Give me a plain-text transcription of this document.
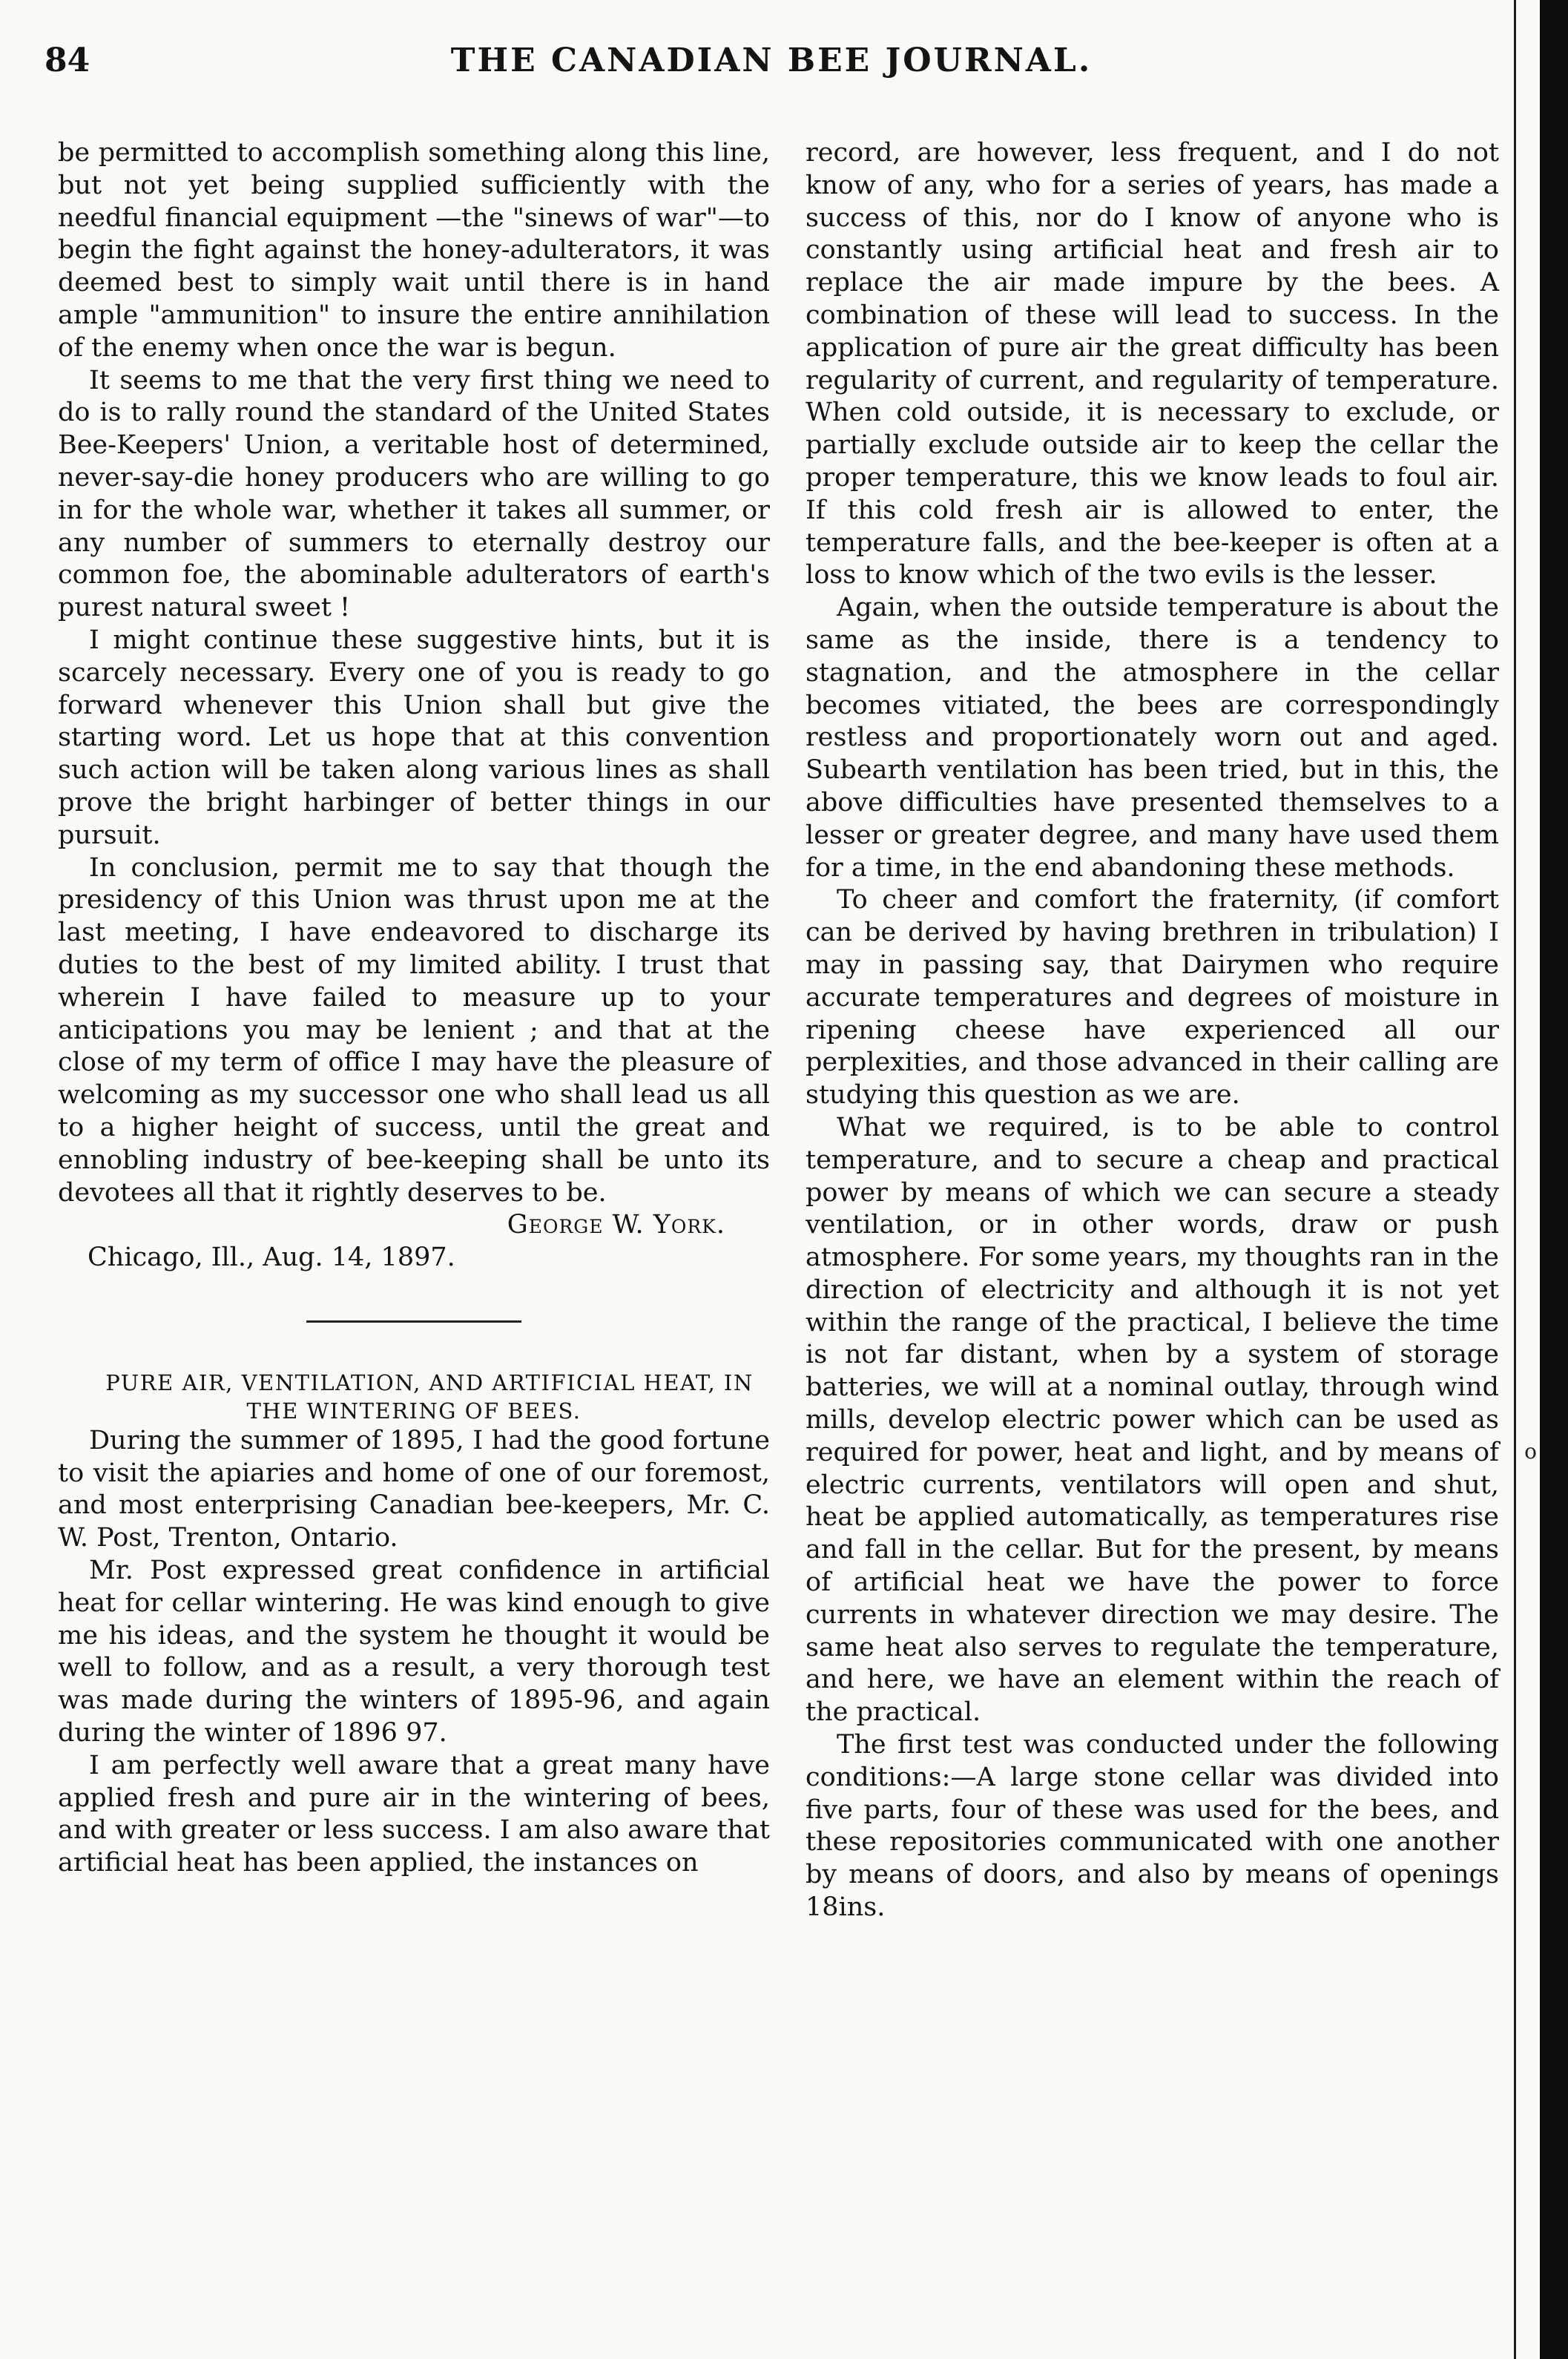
84	THE CANADIAN BEE JOURNAL.

be permitted to accomplish something along this line, but not yet being supplied sufficiently with the needful financial equipment —the "sinews of war"—to begin the fight against the honey-adulterators, it was deemed best to simply wait until there is in hand ample "ammunition" to insure the entire annihilation of the enemy when once the war is begun.

It seems to me that the very first thing we need to do is to rally round the standard of the United States Bee-Keepers' Union, a veritable host of determined, never-say-die honey producers who are willing to go in for the whole war, whether it takes all summer, or any number of summers to eternally destroy our common foe, the abominable adulterators of earth's purest natural sweet !

I might continue these suggestive hints, but it is scarcely necessary. Every one of you is ready to go forward whenever this Union shall but give the starting word. Let us hope that at this convention such action will be taken along various lines as shall prove the bright harbinger of better things in our pursuit.

In conclusion, permit me to say that though the presidency of this Union was thrust upon me at the last meeting, I have endeavored to discharge its duties to the best of my limited ability. I trust that wherein I have failed to measure up to your anticipations you may be lenient ; and that at the close of my term of office I may have the pleasure of welcoming as my successor one who shall lead us all to a higher height of success, until the great and ennobling industry of bee-keeping shall be unto its devotees all that it rightly deserves to be.

George W. York.

Chicago, Ill., Aug. 14, 1897.

PURE AIR, VENTILATION, AND ARTIFICIAL HEAT, IN THE WINTERING OF BEES.

During the summer of 1895, I had the good fortune to visit the apiaries and home of one of our foremost, and most enterprising Canadian bee-keepers, Mr. C. W. Post, Trenton, Ontario.

Mr. Post expressed great confidence in artificial heat for cellar wintering. He was kind enough to give me his ideas, and the system he thought it would be well to follow, and as a result, a very thorough test was made during the winters of 1895-96, and again during the winter of 1896 97.

I am perfectly well aware that a great many have applied fresh and pure air in the wintering of bees, and with greater or less success. I am also aware that artificial heat has been applied, the instances on

record, are however, less frequent, and I do not know of any, who for a series of years, has made a success of this, nor do I know of anyone who is constantly using artificial heat and fresh air to replace the air made impure by the bees. A combination of these will lead to success. In the application of pure air the great difficulty has been regularity of current, and regularity of temperature. When cold outside, it is necessary to exclude, or partially exclude outside air to keep the cellar the proper temperature, this we know leads to foul air. If this cold fresh air is allowed to enter, the temperature falls, and the bee-keeper is often at a loss to know which of the two evils is the lesser.

Again, when the outside temperature is about the same as the inside, there is a tendency to stagnation, and the atmosphere in the cellar becomes vitiated, the bees are correspondingly restless and proportionately worn out and aged. Subearth ventilation has been tried, but in this, the above difficulties have presented themselves to a lesser or greater degree, and many have used them for a time, in the end abandoning these methods.

To cheer and comfort the fraternity, (if comfort can be derived by having brethren in tribulation) I may in passing say, that Dairymen who require accurate temperatures and degrees of moisture in ripening cheese have experienced all our perplexities, and those advanced in their calling are studying this question as we are.

What we required, is to be able to control temperature, and to secure a cheap and practical power by means of which we can secure a steady ventilation, or in other words, draw or push atmosphere. For some years, my thoughts ran in the direction of electricity and although it is not yet within the range of the practical, I believe the time is not far distant, when by a system of storage batteries, we will at a nominal outlay, through wind mills, develop electric power which can be used as required for power, heat and light, and by means of electric currents, ventilators will open and shut, heat be applied automatically, as temperatures rise and fall in the cellar. But for the present, by means of artificial heat we have the power to force currents in whatever direction we may desire. The same heat also serves to regulate the temperature, and here, we have an element within the reach of the practical.

The first test was conducted under the following conditions:—A large stone cellar was divided into five parts, four of these was used for the bees, and these repositories communicated with one another by means of doors, and also by means of openings 18ins.

o
